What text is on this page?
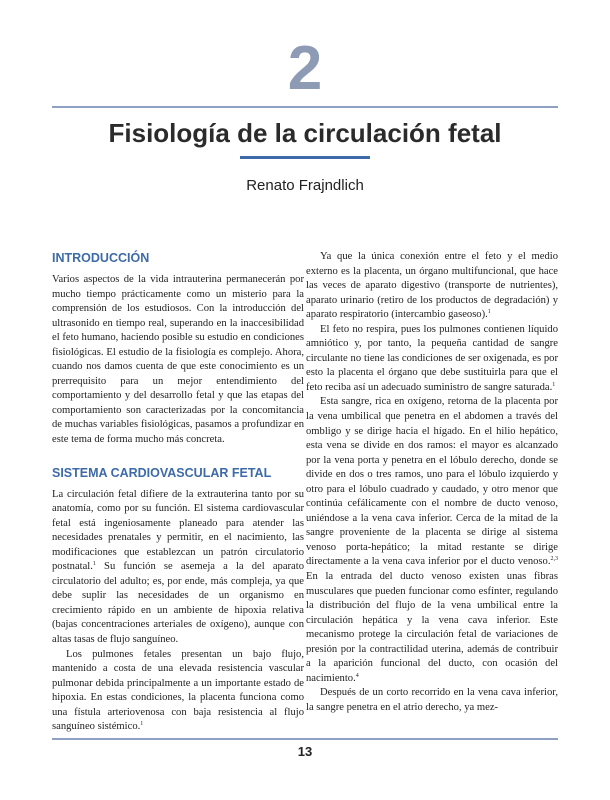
2
Fisiología de la circulación fetal
Renato Frajndlich
INTRODUCCIÓN

Varios aspectos de la vida intrauterina permanecerán por mucho tiempo prácticamente como un misterio para la comprensión de los estudiosos. Con la introducción del ultrasonido en tiempo real, superando en la inaccesibilidad el feto humano, haciendo posible su estudio en condiciones fisiológicas. El estudio de la fisiología es complejo. Ahora, cuando nos damos cuenta de que este conocimiento es un prerrequisito para un mejor entendimiento del comportamiento y del desarrollo fetal y que las etapas del comportamiento son caracterizadas por la concomitancia de muchas variables fisiológicas, pasamos a profundizar en este tema de forma mucho más concreta.

SISTEMA CARDIOVASCULAR FETAL

La circulación fetal difiere de la extrauterina tanto por su anatomía, como por su función. El sistema cardiovascular fetal está ingeniosamente planeado para atender las necesidades prenatales y permitir, en el nacimiento, las modificaciones que establezcan un patrón circulatorio postnatal.$^1$ Su función se asemeja a la del aparato circulatorio del adulto; es, por ende, más compleja, ya que debe suplir las necesidades de un organismo en crecimiento rápido en un ambiente de hipoxia relativa (bajas concentraciones arteriales de oxígeno), aunque con altas tasas de flujo sanguíneo.

Los pulmones fetales presentan un bajo flujo, mantenido a costa de una elevada resistencia vascular pulmonar debida principalmente a un importante estado de hipoxia. En estas condiciones, la placenta funciona como una fístula arteriovenosa con baja resistencia al flujo sanguíneo sistémico.$^1$

Ya que la única conexión entre el feto y el medio externo es la placenta, un órgano multifuncional, que hace las veces de aparato digestivo (transporte de nutrientes), aparato urinario (retiro de los productos de degradación) y aparato respiratorio (intercambio gaseoso).$^1$

El feto no respira, pues los pulmones contienen líquido amniótico y, por tanto, la pequeña cantidad de sangre circulante no tiene las condiciones de ser oxigenada, es por esto la placenta el órgano que debe sustituirla para que el feto reciba así un adecuado suministro de sangre saturada.$^1$

Esta sangre, rica en oxígeno, retorna de la placenta por la vena umbilical que penetra en el abdomen a través del ombligo y se dirige hacia el hígado. En el hilio hepático, esta vena se divide en dos ramos: el mayor es alcanzado por la vena porta y penetra en el lóbulo derecho, donde se divide en dos o tres ramos, uno para el lóbulo izquierdo y otro para el lóbulo cuadrado y caudado, y otro menor que continúa cefálicamente con el nombre de ducto venoso, uniéndose a la vena cava inferior. Cerca de la mitad de la sangre proveniente de la placenta se dirige al sistema venoso porta-hepático; la mitad restante se dirige directamente a la vena cava inferior por el ducto venoso.$^{2,3}$ En la entrada del ducto venoso existen unas fibras musculares que pueden funcionar como esfínter, regulando la distribución del flujo de la vena umbilical entre la circulación hepática y la vena cava inferior. Este mecanismo protege la circulación fetal de variaciones de presión por la contractilidad uterina, además de contribuir a la aparición funcional del ducto, con ocasión del nacimiento.$^4$

Después de un corto recorrido en la vena cava inferior, la sangre penetra en el atrio derecho, ya mez-

13
